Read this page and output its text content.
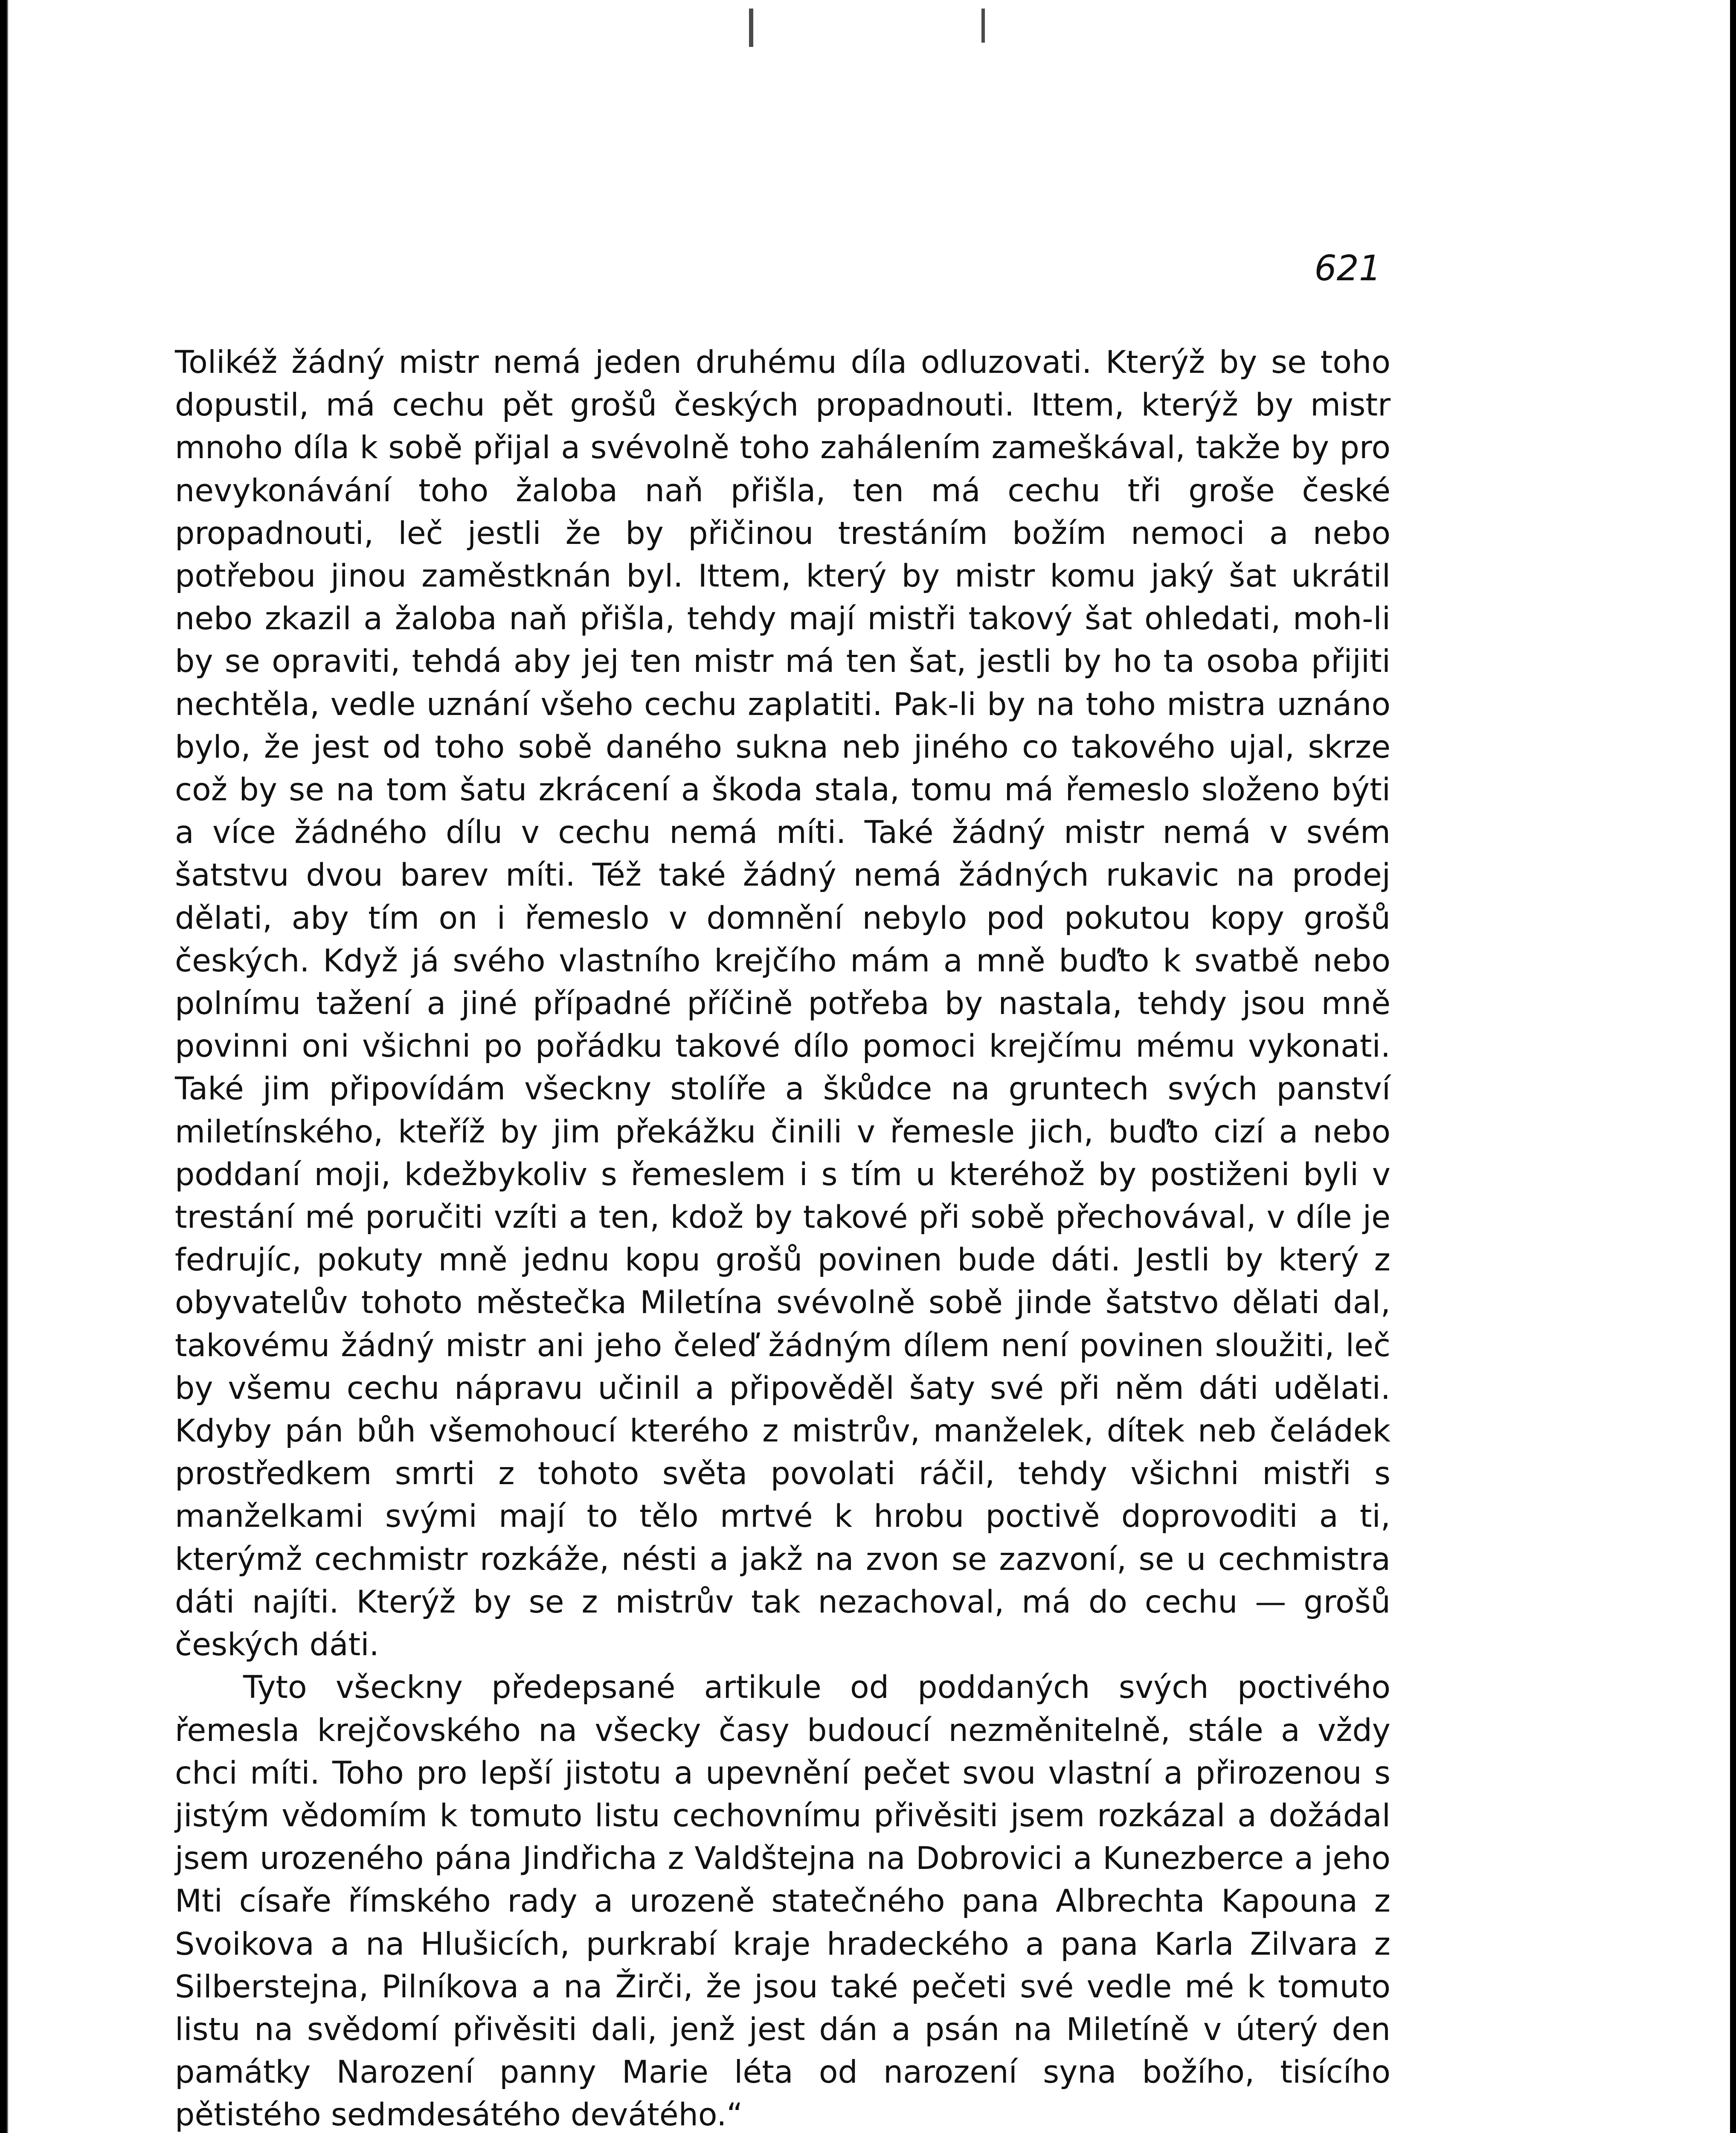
621

Tolikéž žádný mistr nemá jeden druhému díla odluzovati. Kterýž by se toho dopustil, má cechu pět grošů českých propadnouti. Ittem, kterýž by mistr mnoho díla k sobě přijal a svévolně toho zahálením zameškával, takže by pro nevykonávání toho žaloba naň přišla, ten má cechu tři groše české propadnouti, leč jestli že by přičinou trestáním božím nemoci a nebo potřebou jinou zaměstknán byl. Ittem, který by mistr komu jaký šat ukrátil nebo zkazil a žaloba naň přišla, tehdy mají mistři takový šat ohledati, moh-li by se opraviti, tehdá aby jej ten mistr má ten šat, jestli by ho ta osoba přijiti nechtěla, vedle uznání všeho cechu zaplatiti. Pak-li by na toho mistra uznáno bylo, že jest od toho sobě daného sukna neb jiného co takového ujal, skrze což by se na tom šatu zkrácení a škoda stala, tomu má řemeslo složeno býti a více žádného dílu v cechu nemá míti. Také žádný mistr nemá v svém šatstvu dvou barev míti. Též také žádný nemá žádných rukavic na prodej dělati, aby tím on i řemeslo v domnění nebylo pod pokutou kopy grošů českých. Když já svého vlastního krejčího mám a mně buďto k svatbě nebo polnímu tažení a jiné případné příčině potřeba by nastala, tehdy jsou mně povinni oni všichni po pořádku takové dílo pomoci krejčímu mému vykonati. Také jim připovídám všeckny stolíře a škůdce na gruntech svých panství miletínského, kteříž by jim překážku činili v řemesle jich, buďto cizí a nebo poddaní moji, kdežbykoliv s řemeslem i s tím u kteréhož by postiženi byli v trestání mé poručiti vzíti a ten, kdož by takové při sobě přechovával, v díle je fedrujíc, pokuty mně jednu kopu grošů povinen bude dáti. Jestli by který z obyvatelův tohoto městečka Miletína svévolně sobě jinde šatstvo dělati dal, takovému žádný mistr ani jeho čeleď žádným dílem není povinen sloužiti, leč by všemu cechu nápravu učinil a připověděl šaty své při něm dáti udělati. Kdyby pán bůh všemohoucí kterého z mistrův, manželek, dítek neb čeládek prostředkem smrti z tohoto světa povolati ráčil, tehdy všichni mistři s manželkami svými mají to tělo mrtvé k hrobu poctivě doprovoditi a ti, kterýmž cechmistr rozkáže, nésti a jakž na zvon se zazvoní, se u cechmistra dáti najíti. Kterýž by se z mistrův tak nezachoval, má do cechu — grošů českých dáti.

Tyto všeckny předepsané artikule od poddaných svých poctivého řemesla krejčovského na všecky časy budoucí nezměnitelně, stále a vždy chci míti. Toho pro lepší jistotu a upevnění pečet svou vlastní a přirozenou s jistým vědomím k tomuto listu cechovnímu přivěsiti jsem rozkázal a dožádal jsem urozeného pána Jindřicha z Valdštejna na Dobrovici a Kunezberce a jeho Mti císaře římského rady a urozeně statečného pana Albrechta Kapouna z Svoikova a na Hlušicích, purkrabí kraje hradeckého a pana Karla Zilvara z Silberstejna, Pilníkova a na Žirči, že jsou také pečeti své vedle mé k tomuto listu na svědomí přivěsiti dali, jenž jest dán a psán na Miletíně v úterý den památky Narození panny Marie léta od narození syna božího, tisícího pětistého sedmdesátého devátého.“
